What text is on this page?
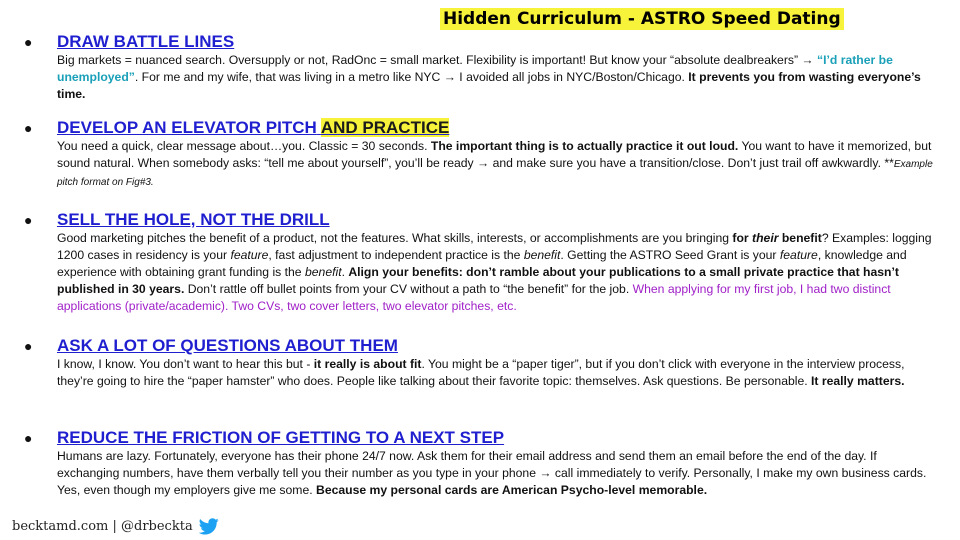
Hidden Curriculum - ASTRO Speed Dating
● DRAW BATTLE LINES
Big markets = nuanced search. Oversupply or not, RadOnc = small market. Flexibility is important! But know your “absolute dealbreakers” → “I’d rather be unemployed”. For me and my wife, that was living in a metro like NYC → I avoided all jobs in NYC/Boston/Chicago. It prevents you from wasting everyone’s time.
● DEVELOP AN ELEVATOR PITCH AND PRACTICE
You need a quick, clear message about…you. Classic = 30 seconds. The important thing is to actually practice it out loud. You want to have it memorized, but sound natural. When somebody asks: “tell me about yourself”, you’ll be ready → and make sure you have a transition/close. Don’t just trail off awkwardly. **Example pitch format on Fig#3.
● SELL THE HOLE, NOT THE DRILL
Good marketing pitches the benefit of a product, not the features. What skills, interests, or accomplishments are you bringing for their benefit? Examples: logging 1200 cases in residency is your feature, fast adjustment to independent practice is the benefit. Getting the ASTRO Seed Grant is your feature, knowledge and experience with obtaining grant funding is the benefit. Align your benefits: don’t ramble about your publications to a small private practice that hasn’t published in 30 years. Don’t rattle off bullet points from your CV without a path to “the benefit” for the job. When applying for my first job, I had two distinct applications (private/academic). Two CVs, two cover letters, two elevator pitches, etc.
● ASK A LOT OF QUESTIONS ABOUT THEM
I know, I know. You don’t want to hear this but - it really is about fit. You might be a “paper tiger”, but if you don’t click with everyone in the interview process, they’re going to hire the “paper hamster” who does. People like talking about their favorite topic: themselves. Ask questions. Be personable. It really matters.
● REDUCE THE FRICTION OF GETTING TO A NEXT STEP
Humans are lazy. Fortunately, everyone has their phone 24/7 now. Ask them for their email address and send them an email before the end of the day. If exchanging numbers, have them verbally tell you their number as you type in your phone → call immediately to verify. Personally, I make my own business cards. Yes, even though my employers give me some. Because my personal cards are American Psycho-level memorable.
becktamd.com | @drbeckta
